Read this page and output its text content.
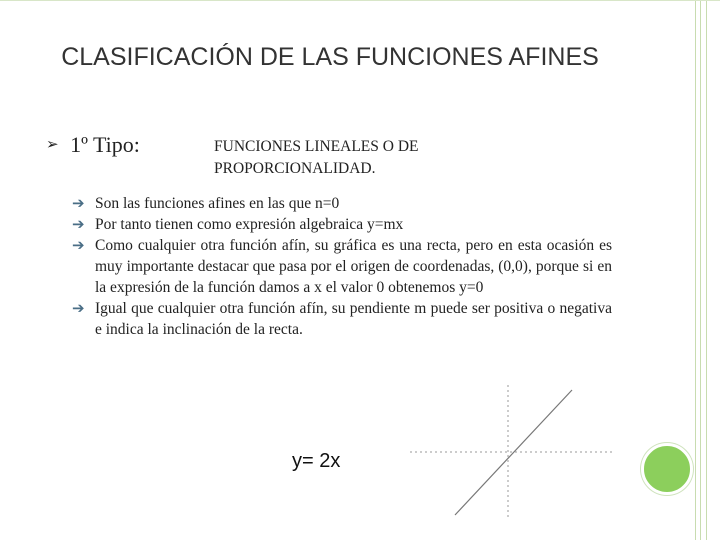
CLASIFICACIÓN DE LAS FUNCIONES AFINES
➢ 1º Tipo:	FUNCIONES LINEALES O DE PROPORCIONALIDAD.
➔ Son las funciones afines en las que n=0
➔ Por tanto tienen como expresión algebraica y=mx
➔ Como cualquier otra función afín, su gráfica es una recta, pero en esta ocasión es muy importante destacar que pasa por el origen de coordenadas, (0,0), porque si en la expresión de la función damos a x el valor 0 obtenemos y=0
➔ Igual que cualquier otra función afín, su pendiente m puede ser positiva o negativa e indica la inclinación de la recta.
y= 2x
